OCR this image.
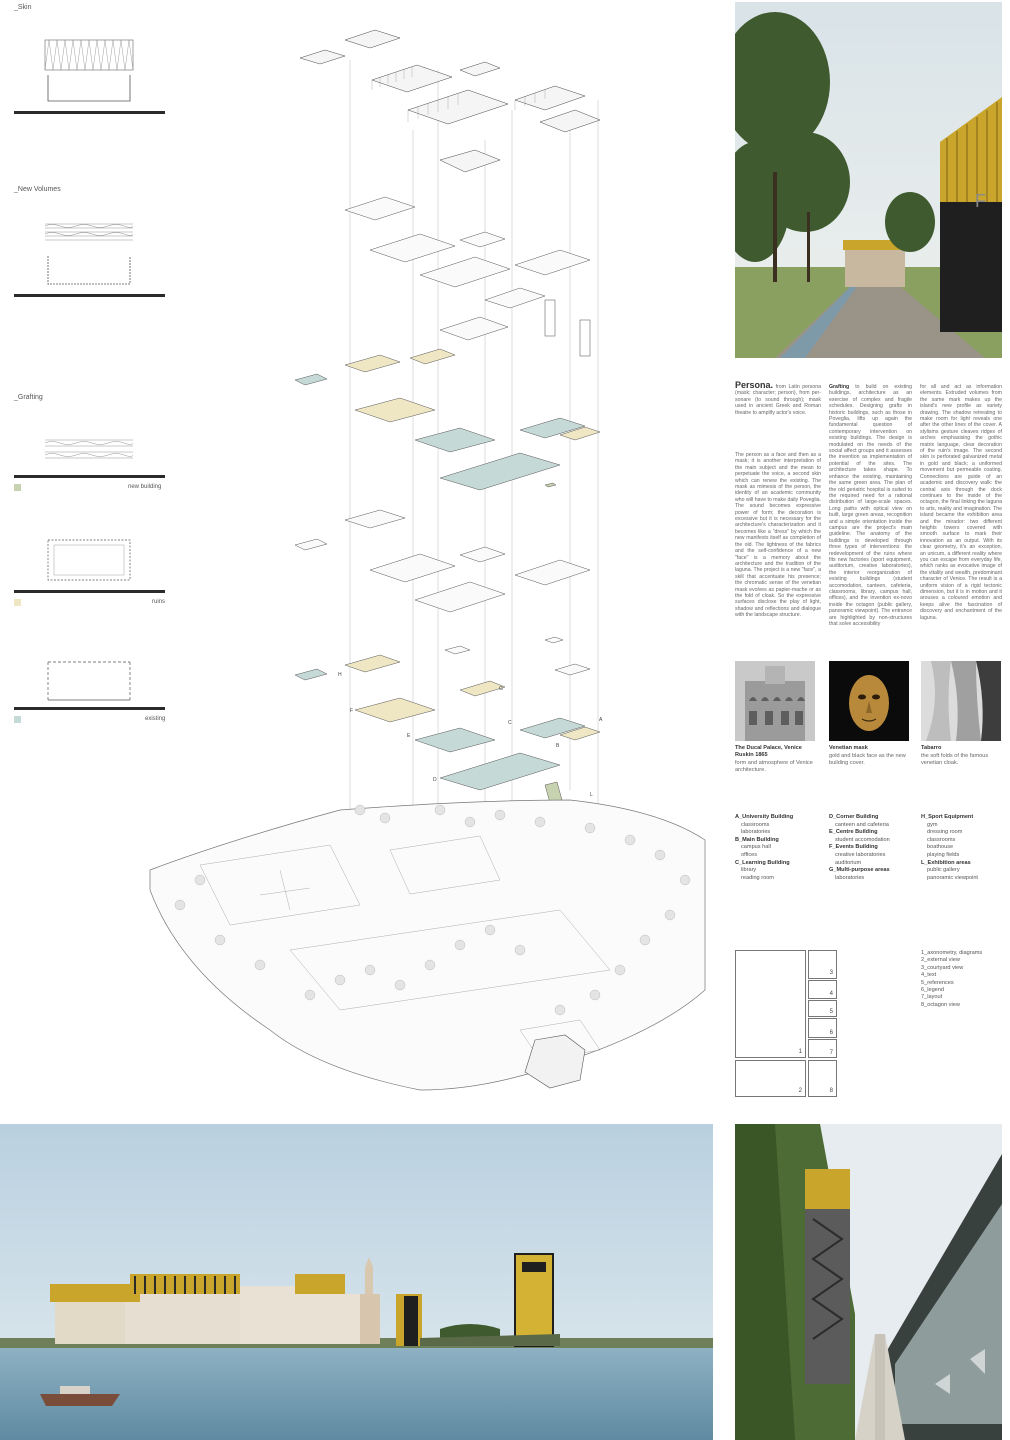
_Skin
_New Volumes
_Grafting
new building
ruins
existing	A
B
C
D
E
F
G
H
L
F
Persona. from Latin persona (mask; character; person), from per-sonare (to sound through); mask used in ancient Greek and Roman theatre to amplify actor's voice.
The person as a face and then as a mask; it is another interpretation of the main subject and the mean to perpetuate the voice, a second skin which can renew the existing. The mask as mimesis of the person, the identity of an academic community who will have to make daily Poveglia. The sound becomes expressive power of form; the decoration is excessive but it is necessary for the architecture's characterization and it becomes like a "dress" by which the new manifests itself as completion of the old. The lightness of the fabrics and the self-confidence of a new "face" is a memory about the architecture and the tradition of the laguna. The project is a new "face", a skill that accentuate his presence; the chromatic sense of the venetian mask evolves as papier-mache or as the fold of cloak. So the expressive surfaces disclose the play of light, shadow and reflections and dialogue with the landscape structure.
Grafting to build on existing buildings, architecture as an exercise of complex and fragile schedules. Designing grafts in historic buildings, such as those in Poveglia, lifts up again the fundamental question of contemporary intervention on existing buildings. The design is modulated on the needs of the social affect groups and it assesses the invention as implementation of potential of the sites. The architecture takes shape. To enhance the existing, maintaining the same green area. The plan of the old geriatric hospital is suited to the required need for a rational distribution of large-scale spaces. Long paths with optical view on built, large green areas, recognition and a simple orientation inside the campus are the project's main guideline. The anatomy of the buildings is developed through three types of interventions: the redevelopment of the ruins where fits new factories (sport equipment, auditorium, creative laboratories), the interior reorganization of existing buildings (student accomodation, canteen, cafeteria, classrooms, library, campus hall, offices), and the invention ex-novo inside the octagon (public gallery, panoramic viewpoint). The entrance are highlighted by non-structures that solve accessibility
for all and act as information elements. Extruded volumes from the same mark makes up the island's new profile as variety drawing. The shadow retreating to make room for light reveals one after the other lines of the cover. A stylisms gesture cleaves ridges of arches emphasising the gothic matrix language, clear decoration of the ruin's image. The second skin is perforated galvanized metal in gold and black; a uniformed movement but permeable coating. Connections are guide of an academic and discovery walk: the central axis through the dock continues to the inside of the octagon, the final linking the laguna to arts, reality and imagination. The island became the exhibition area and the mirador: two different heights towers covered with smooth surface to mark their innovation as an output. With its clear geometry, it's an exception, an unicum, a different reality where you can escape from everyday life, which ranks as evocative image of the vitality and wealth, predominant character of Venice. The result is a uniform vision of a rigid tectonic dimension, but it is in motion and it arouses a coloured emotion and keeps alive the fascination of discovery and enchantment of the laguna.
The Ducal Palace, Venice Ruskin 1865
form and atmosphere of Venice architecture.
Venetian mask
gold and black face as the new building cover.
Tabarro
the soft folds of the famous venetian cloak.
A_University Building
classrooms
laboratories
B_Main Building
campus hall
offices
C_Learning Building
library
reading room
D_Corner Building
canteen and cafeteria
E_Centre Building
student accomodation
F_Events Building
creative laboratories
auditorium
G_Multi-purpose areas
laboratories
H_Sport Equipment
gym
dressing room
classrooms
boathouse
playing fields
L_Exhibition areas
public gallery
panoramic viewpoint
1
2
3
4
5
6
7
8
1_axonometry, diagrams
2_external view
3_courtyard view
4_text
5_references
6_legend
7_layout
8_octagon view
